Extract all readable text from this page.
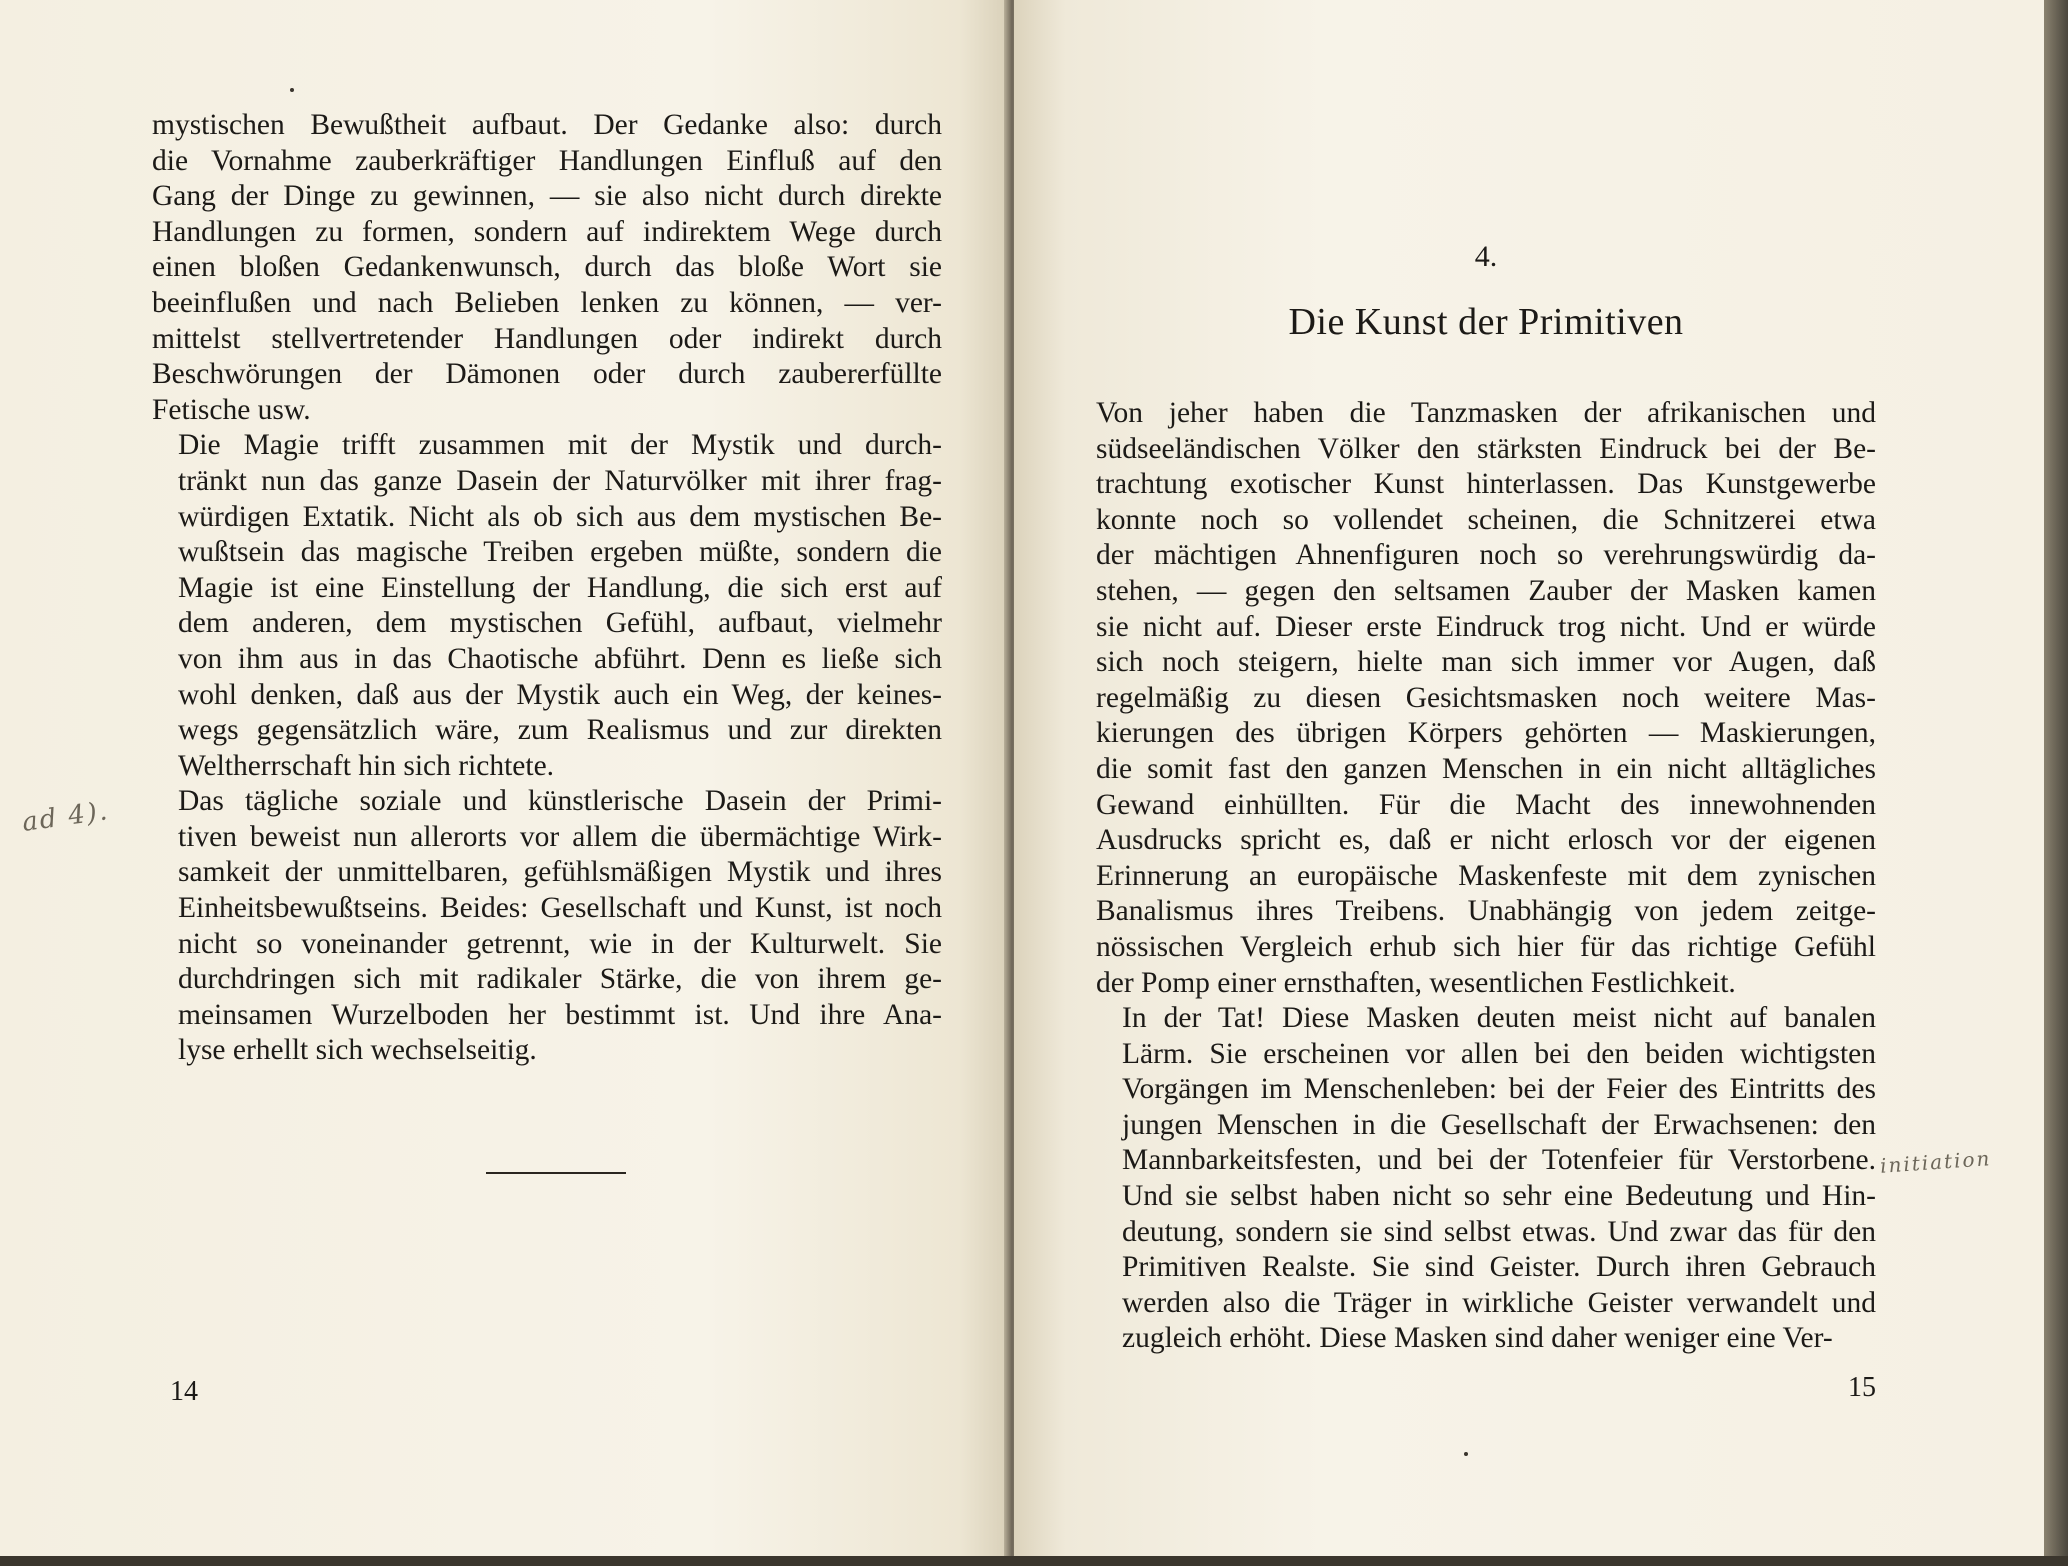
ad 4).

mystischen Bewußtheit aufbaut. Der Gedanke also: durch
die Vornahme zauberkräftiger Handlungen Einfluß auf den
Gang der Dinge zu gewinnen, — sie also nicht durch direkte
Handlungen zu formen, sondern auf indirektem Wege durch
einen bloßen Gedankenwunsch, durch das bloße Wort sie
beeinflußen und nach Belieben lenken zu können, — ver-
mittelst stellvertretender Handlungen oder indirekt durch
Beschwörungen der Dämonen oder durch zaubererfüllte
Fetische usw.

Die Magie trifft zusammen mit der Mystik und durch-
tränkt nun das ganze Dasein der Naturvölker mit ihrer frag-
würdigen Extatik. Nicht als ob sich aus dem mystischen Be-
wußtsein das magische Treiben ergeben müßte, sondern die
Magie ist eine Einstellung der Handlung, die sich erst auf
dem anderen, dem mystischen Gefühl, aufbaut, vielmehr
von ihm aus in das Chaotische abführt. Denn es ließe sich
wohl denken, daß aus der Mystik auch ein Weg, der keines-
wegs gegensätzlich wäre, zum Realismus und zur direkten
Weltherrschaft hin sich richtete.

Das tägliche soziale und künstlerische Dasein der Primi-
tiven beweist nun allerorts vor allem die übermächtige Wirk-
samkeit der unmittelbaren, gefühlsmäßigen Mystik und ihres
Einheitsbewußtseins. Beides: Gesellschaft und Kunst, ist noch
nicht so voneinander getrennt, wie in der Kulturwelt. Sie
durchdringen sich mit radikaler Stärke, die von ihrem ge-
meinsamen Wurzelboden her bestimmt ist. Und ihre Ana-
lyse erhellt sich wechselseitig.

14
4.
Die Kunst der Primitiven

Von jeher haben die Tanzmasken der afrikanischen und
südseeländischen Völker den stärksten Eindruck bei der Be-
trachtung exotischer Kunst hinterlassen. Das Kunstgewerbe
konnte noch so vollendet scheinen, die Schnitzerei etwa
der mächtigen Ahnenfiguren noch so verehrungswürdig da-
stehen, — gegen den seltsamen Zauber der Masken kamen
sie nicht auf. Dieser erste Eindruck trog nicht. Und er würde
sich noch steigern, hielte man sich immer vor Augen, daß
regelmäßig zu diesen Gesichtsmasken noch weitere Mas-
kierungen des übrigen Körpers gehörten — Maskierungen,
die somit fast den ganzen Menschen in ein nicht alltägliches
Gewand einhüllten. Für die Macht des innewohnenden
Ausdrucks spricht es, daß er nicht erlosch vor der eigenen
Erinnerung an europäische Maskenfeste mit dem zynischen
Banalismus ihres Treibens. Unabhängig von jedem zeitge-
nössischen Vergleich erhub sich hier für das richtige Gefühl
der Pomp einer ernsthaften, wesentlichen Festlichkeit.

In der Tat! Diese Masken deuten meist nicht auf banalen
Lärm. Sie erscheinen vor allen bei den beiden wichtigsten
Vorgängen im Menschenleben: bei der Feier des Eintritts des
jungen Menschen in die Gesellschaft der Erwachsenen: den
Mannbarkeitsfesten, und bei der Totenfeier für Verstorbene.
Und sie selbst haben nicht so sehr eine Bedeutung und Hin-
deutung, sondern sie sind selbst etwas. Und zwar das für den
Primitiven Realste. Sie sind Geister. Durch ihren Gebrauch
werden also die Träger in wirkliche Geister verwandelt und
zugleich erhöht. Diese Masken sind daher weniger eine Ver-

15
initiation
